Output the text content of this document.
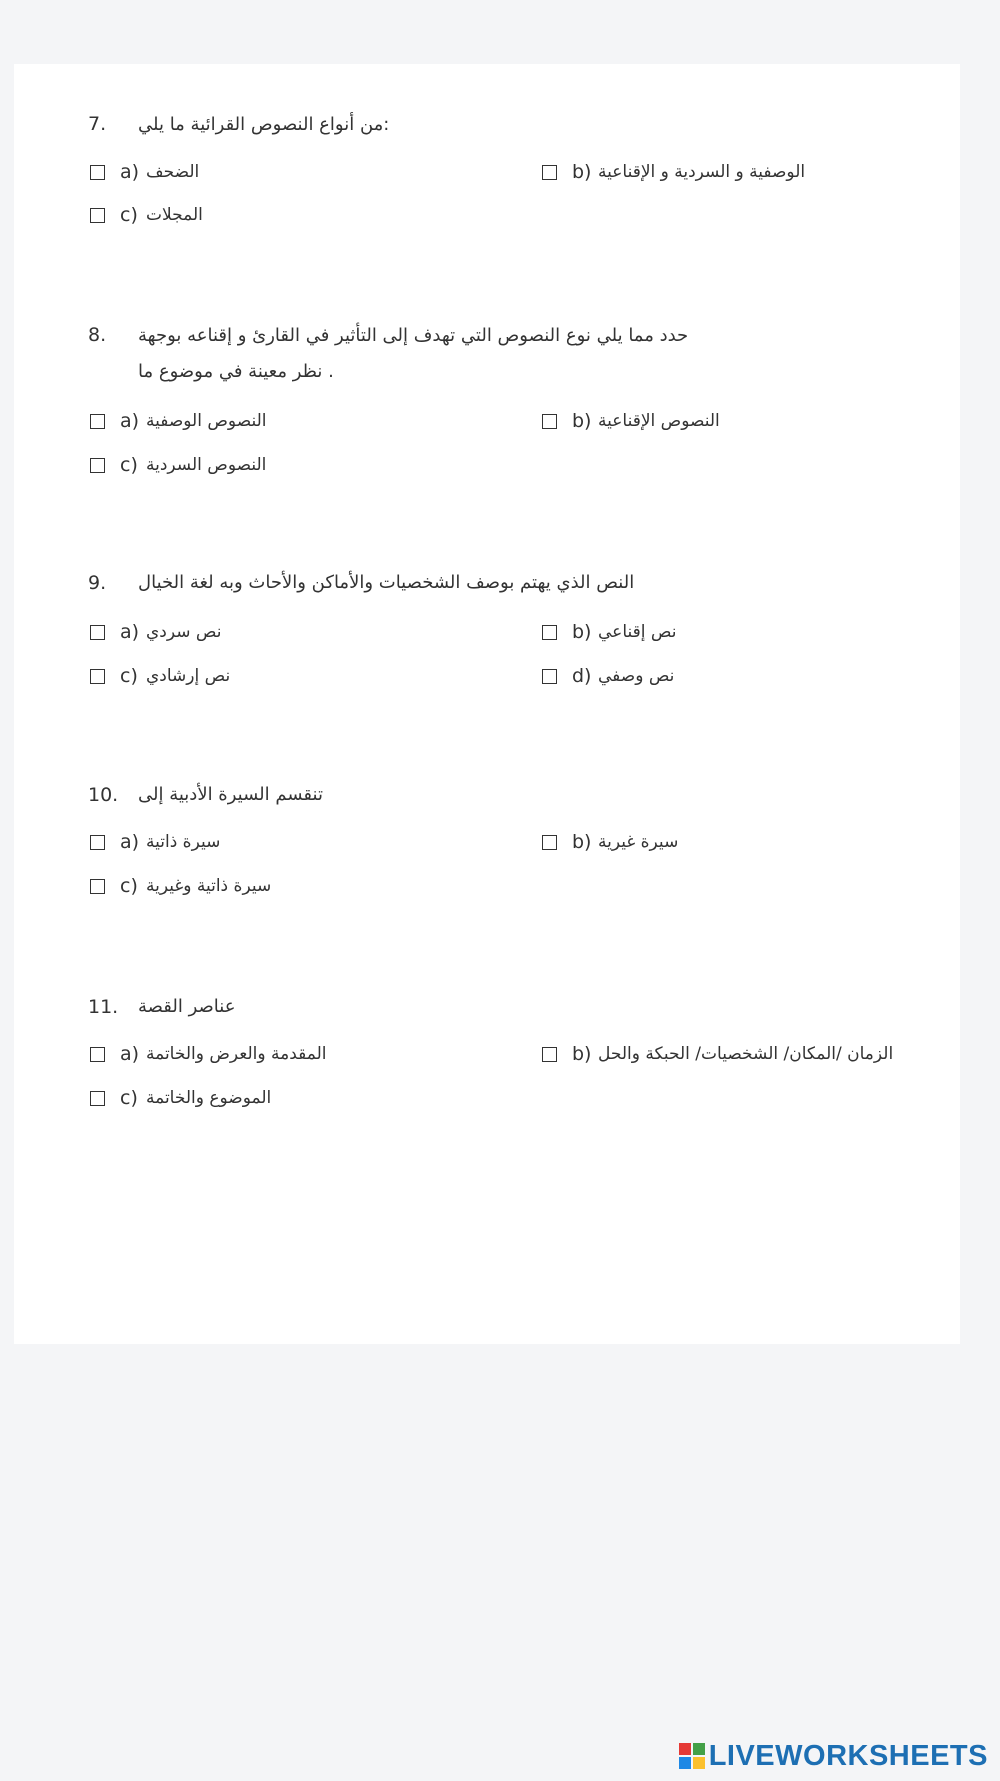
7. :من أنواع النصوص القرائية ما يلي
a) الضحف	b) الوصفية و السردية و الإقناعية
c) المجلات
8. حدد مما يلي نوع النصوص التي تهدف إلى التأثير في القارئ و إقناعه بوجهة
. نظر معينة في موضوع ما
a) النصوص الوصفية	b) النصوص الإقناعية
c) النصوص السردية
9. النص الذي يهتم بوصف الشخصيات والأماكن والأحاث وبه لغة الخيال
a) نص سردي	b) نص إقناعي
c) نص إرشادي	d) نص وصفي
10. تنقسم السيرة الأدبية إلى
a) سيرة ذاتية	b) سيرة غيرية
c) سيرة ذاتية وغيرية
11. عناصر القصة
a) المقدمة والعرض والخاتمة	b) الزمان /المكان/ الشخصيات/ الحبكة والحل
c) الموضوع والخاتمة
LIVEWORKSHEETS
